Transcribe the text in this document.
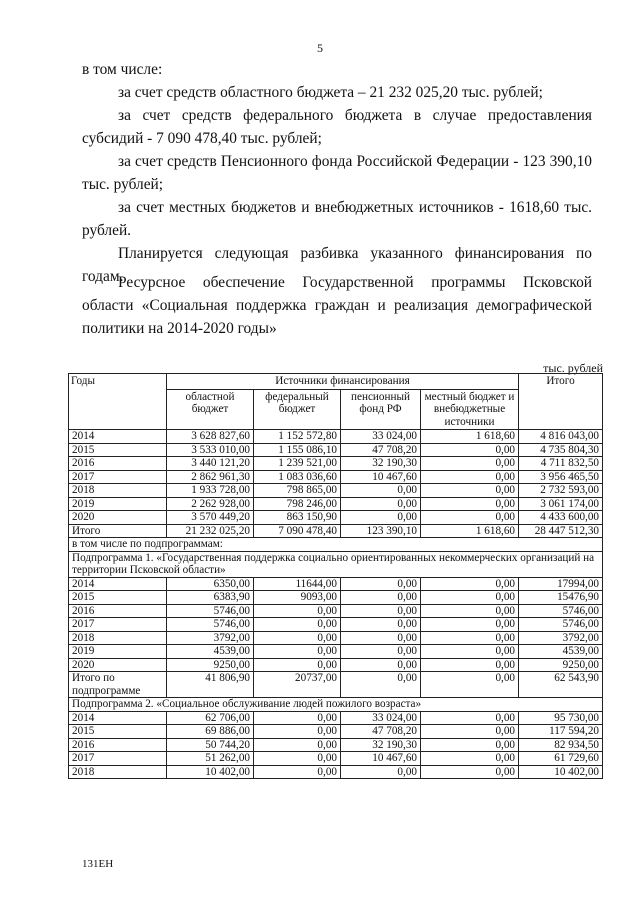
5

в том числе:

за счет средств областного бюджета – 21 232 025,20 тыс. рублей;

за счет средств федерального бюджета в случае предоставления субсидий - 7 090 478,40 тыс. рублей;

за счет средств Пенсионного фонда Российской Федерации - 123 390,10 тыс. рублей;

за счет местных бюджетов и внебюджетных источников - 1618,60 тыс. рублей.

Планируется следующая разбивка указанного финансирования по годам.

Ресурсное обеспечение Государственной программы Псковской области «Социальная поддержка граждан и реализация демографической политики на 2014-2020 годы»

тыс. рублей
Годы	Источники финансирования				Итого
	областной бюджет	федеральный бюджет	пенсионный фонд РФ	местный бюджет и внебюджетные источники	
2014	3 628 827,60	1 152 572,80	33 024,00	1 618,60	4 816 043,00
2015	3 533 010,00	1 155 086,10	47 708,20	0,00	4 735 804,30
2016	3 440 121,20	1 239 521,00	32 190,30	0,00	4 711 832,50
2017	2 862 961,30	1 083 036,60	10 467,60	0,00	3 956 465,50
2018	1 933 728,00	798 865,00	0,00	0,00	2 732 593,00
2019	2 262 928,00	798 246,00	0,00	0,00	3 061 174,00
2020	3 570 449,20	863 150,90	0,00	0,00	4 433 600,00
Итого	21 232 025,20	7 090 478,40	123 390,10	1 618,60	28 447 512,30
в том числе по подпрограммам:					
Подпрограмма 1. «Государственная поддержка социально ориентированных некоммерческих организаций на территории Псковской области»					
2014	6350,00	11644,00	0,00	0,00	17994,00
2015	6383,90	9093,00	0,00	0,00	15476,90
2016	5746,00	0,00	0,00	0,00	5746,00
2017	5746,00	0,00	0,00	0,00	5746,00
2018	3792,00	0,00	0,00	0,00	3792,00
2019	4539,00	0,00	0,00	0,00	4539,00
2020	9250,00	0,00	0,00	0,00	9250,00
Итого по подпрограмме	41 806,90	20737,00	0,00	0,00	62 543,90
Подпрограмма 2. «Социальное обслуживание людей пожилого возраста»					
2014	62 706,00	0,00	33 024,00	0,00	95 730,00
2015	69 886,00	0,00	47 708,20	0,00	117 594,20
2016	50 744,20	0,00	32 190,30	0,00	82 934,50
2017	51 262,00	0,00	10 467,60	0,00	61 729,60
2018	10 402,00	0,00	0,00	0,00	10 402,00
131ЕН
